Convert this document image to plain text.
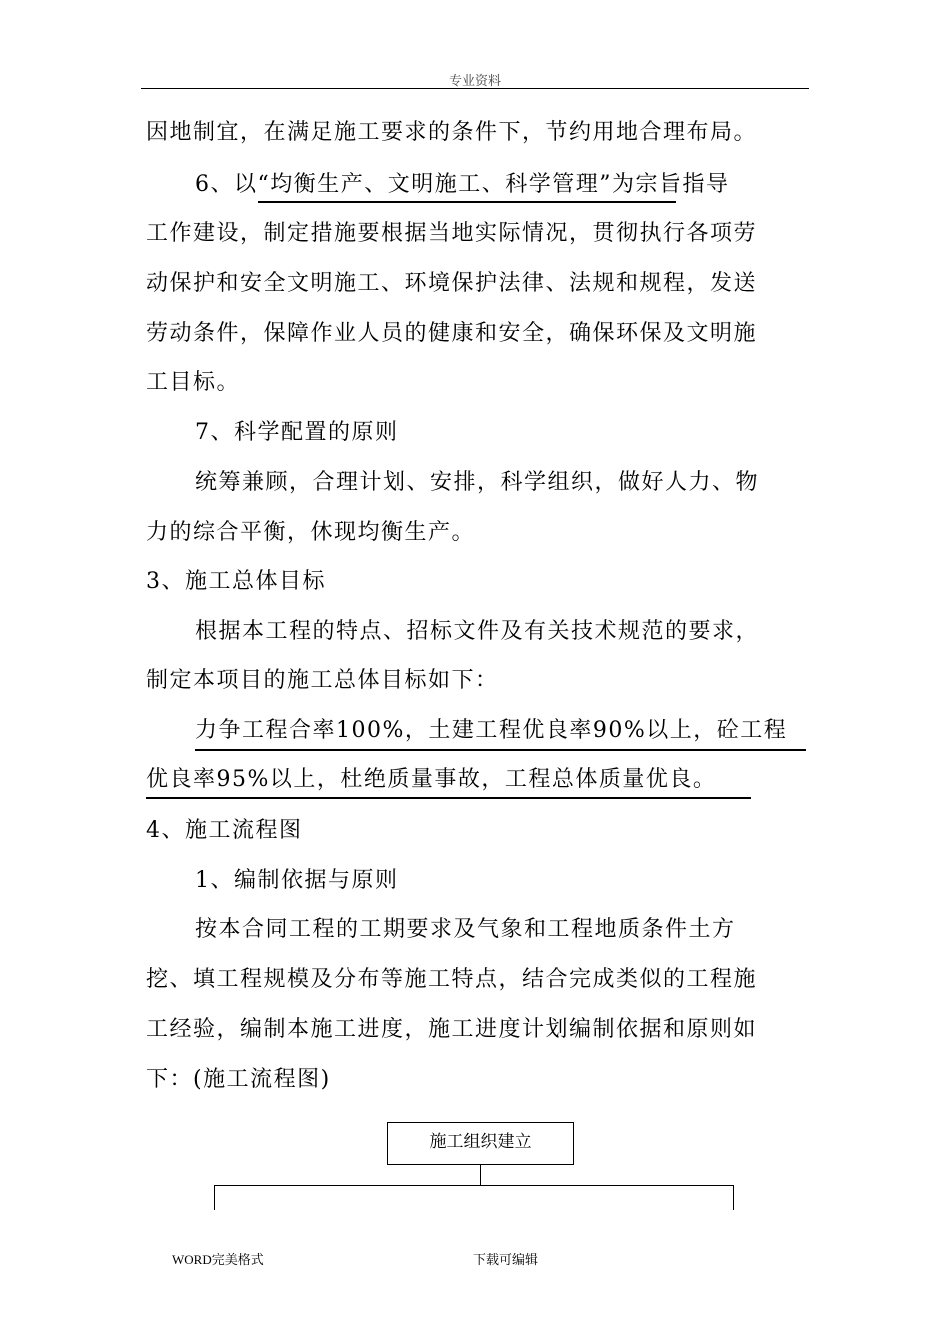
专业资料
因地制宜，在满足施工要求的条件下，节约用地合理布局。
6、以“均衡生产、文明施工、科学管理”为宗旨指导
工作建设，制定措施要根据当地实际情况，贯彻执行各项劳
动保护和安全文明施工、环境保护法律、法规和规程，发送
劳动条件，保障作业人员的健康和安全，确保环保及文明施
工目标。
7、科学配置的原则
统筹兼顾，合理计划、安排，科学组织，做好人力、物
力的综合平衡，休现均衡生产。
3、施工总体目标
根据本工程的特点、招标文件及有关技术规范的要求，
制定本项目的施工总体目标如下：
力争工程合率100%，土建工程优良率90%以上，砼工程
优良率95%以上，杜绝质量事故，工程总体质量优良。
4、施工流程图
1、编制依据与原则
按本合同工程的工期要求及气象和工程地质条件土方
挖、填工程规模及分布等施工特点，结合完成类似的工程施
工经验，编制本施工进度，施工进度计划编制依据和原则如
下：(施工流程图)
施工组织建立
WORD完美格式	下载可编辑
